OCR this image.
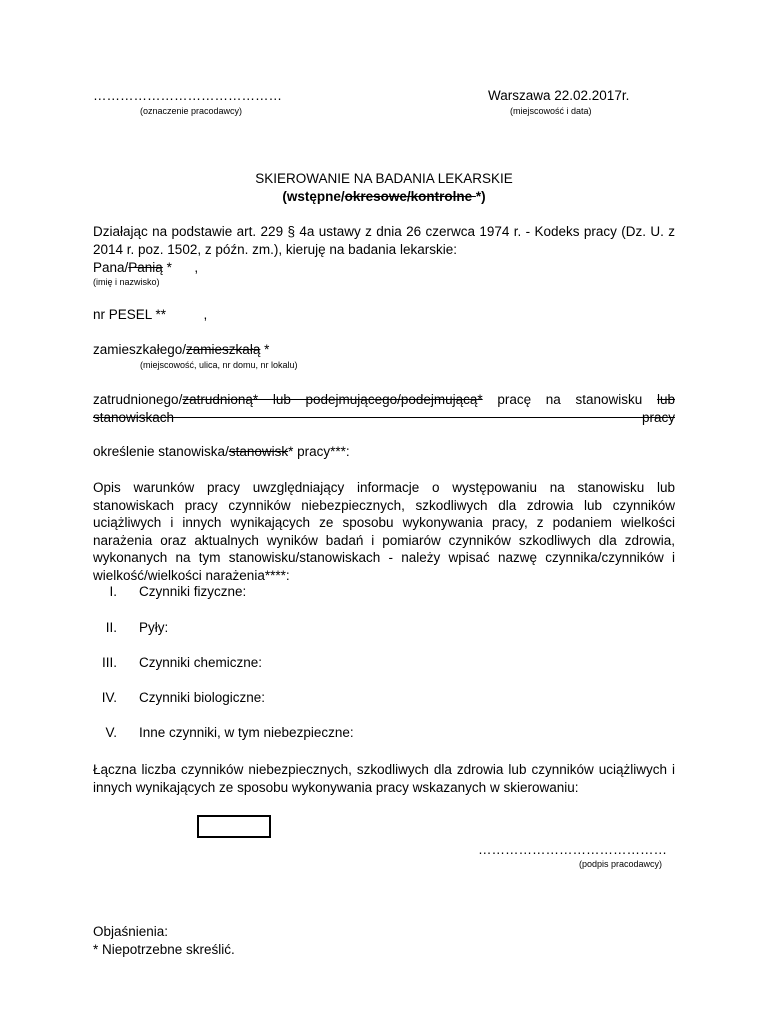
……………………………………
(oznaczenie pracodawcy)
Warszawa 22.02.2017r.
(miejscowość i data)
SKIEROWANIE NA BADANIA LEKARSKIE
(wstępne/okresowe/kontrolne *)
Działając na podstawie art. 229 § 4a ustawy z dnia 26 czerwca 1974 r. - Kodeks pracy (Dz. U. z 2014 r. poz. 1502, z późn. zm.), kieruję na badania lekarskie:
Pana/Panią *      ,
(imię i nazwisko)
nr PESEL **          ,
zamieszkałego/zamieszkałą *
(miejscowość, ulica, nr domu, nr lokalu)
zatrudnionego/zatrudnioną* lub podejmującego/podejmującą* pracę na stanowisku lub stanowiskach pracy
określenie stanowiska/stanowisk* pracy***:
Opis warunków pracy uwzględniający informacje o występowaniu na stanowisku lub stanowiskach pracy czynników niebezpiecznych, szkodliwych dla zdrowia lub czynników uciążliwych i innych wynikających ze sposobu wykonywania pracy, z podaniem wielkości narażenia oraz aktualnych wyników badań i pomiarów czynników szkodliwych dla zdrowia, wykonanych na tym stanowisku/stanowiskach - należy wpisać nazwę czynnika/czynników i wielkość/wielkości narażenia****:
I. Czynniki fizyczne:
II. Pyły:
III. Czynniki chemiczne:
IV. Czynniki biologiczne:
V. Inne czynniki, w tym niebezpieczne:
Łączna liczba czynników niebezpiecznych, szkodliwych dla zdrowia lub czynników uciążliwych i innych wynikających ze sposobu wykonywania pracy wskazanych w skierowaniu:
……………………………………
(podpis pracodawcy)
Objaśnienia:
* Niepotrzebne skreślić.
